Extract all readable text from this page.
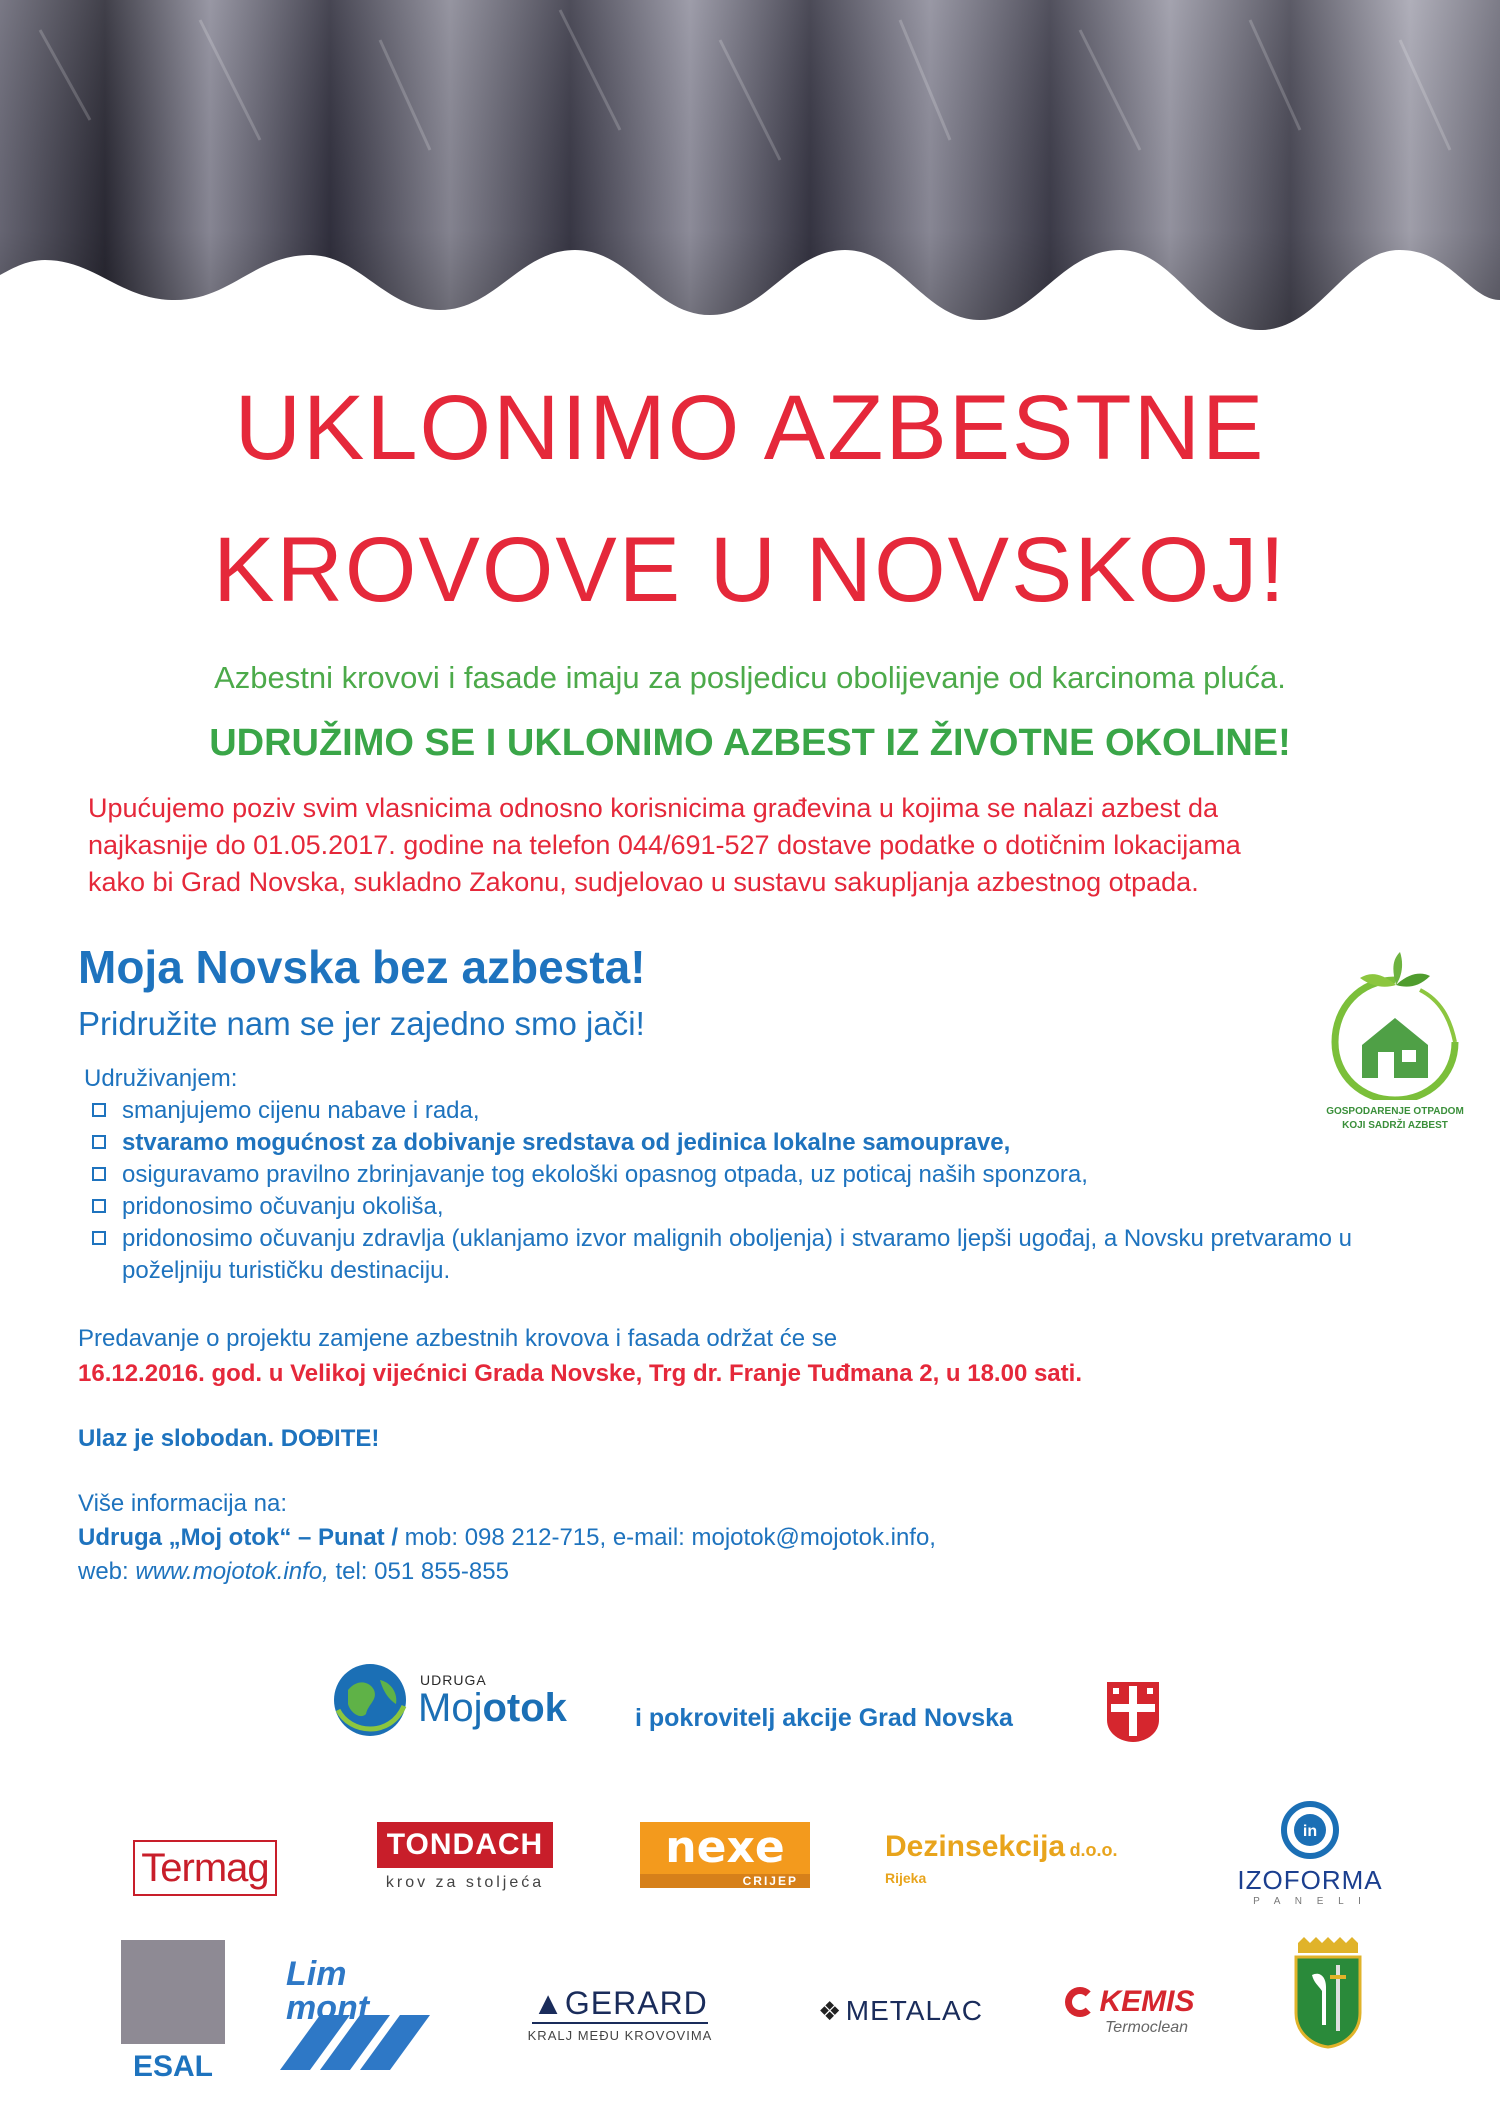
UKLONIMO AZBESTNE
KROVOVE U NOVSKOJ!
Azbestni krovovi i fasade imaju za posljedicu obolijevanje od karcinoma pluća.
UDRUŽIMO SE I UKLONIMO AZBEST IZ ŽIVOTNE OKOLINE!
Upućujemo poziv svim vlasnicima odnosno korisnicima građevina u kojima se nalazi azbest da
najkasnije do 01.05.2017. godine na telefon 044/691-527 dostave podatke o dotičnim lokacijama
kako bi Grad Novska, sukladno Zakonu, sudjelovao u sustavu sakupljanja azbestnog otpada.
Moja Novska bez azbesta!
Pridružite nam se jer zajedno smo jači!
GOSPODARENJE OTPADOM
KOJI SADRŽI AZBEST
Udruživanjem:
smanjujemo cijenu nabave i rada,
stvaramo mogućnost za dobivanje sredstava od jedinica lokalne samouprave,
osiguravamo pravilno zbrinjavanje tog ekološki opasnog otpada, uz poticaj naših sponzora,
pridonosimo očuvanju okoliša,
pridonosimo očuvanju zdravlja (uklanjamo izvor malignih oboljenja) i stvaramo ljepši ugođaj, a Novsku pretvaramo u
poželjniju turističku destinaciju.
Predavanje o projektu zamjene azbestnih krovova i fasada održat će se
16.12.2016. god. u Velikoj vijećnici Grada Novske, Trg dr. Franje Tuđmana 2, u 18.00 sati.
Ulaz je slobodan. DOĐITE!
Više informacija na:
Udruga „Moj otok“ – Punat / mob: 098 212-715, e-mail: mojotok@mojotok.info,
web: www.mojotok.info, tel: 051 855-855
UDRUGA
Mojotok	i pokrovitelj akcije Grad Novska
Termag
TONDACH
krov za stoljeća
nexe
CRIJEP
Dezinsekcija d.o.o.
Rijeka
in
IZOFORMA
P A N E L I
ESAL
Lim mont	▲GERARD
KRALJ MEĐU KROVOVIMA
❖ METALAC	KEMIS
Termoclean
